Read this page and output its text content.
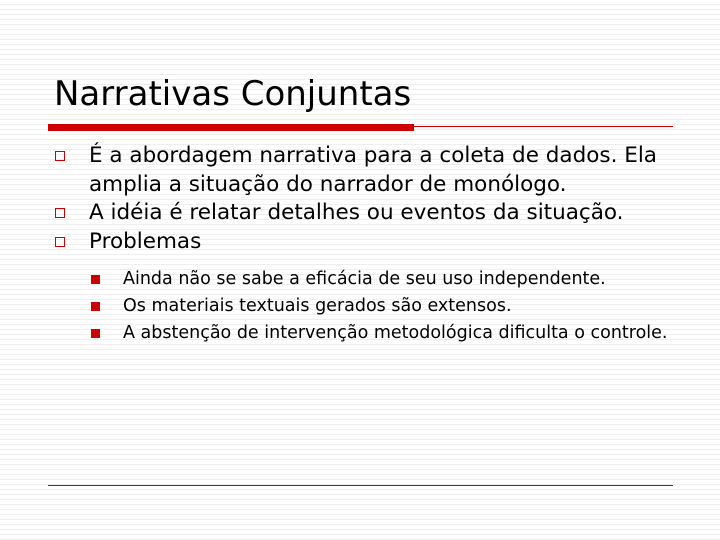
Narrativas Conjuntas
É a abordagem narrativa para a coleta de dados. Ela amplia a situação do narrador de monólogo.
A idéia é relatar detalhes ou eventos da situação.
Problemas
Ainda não se sabe a eficácia de seu uso independente.
Os materiais textuais gerados são extensos.
A abstenção de intervenção metodológica dificulta o controle.
